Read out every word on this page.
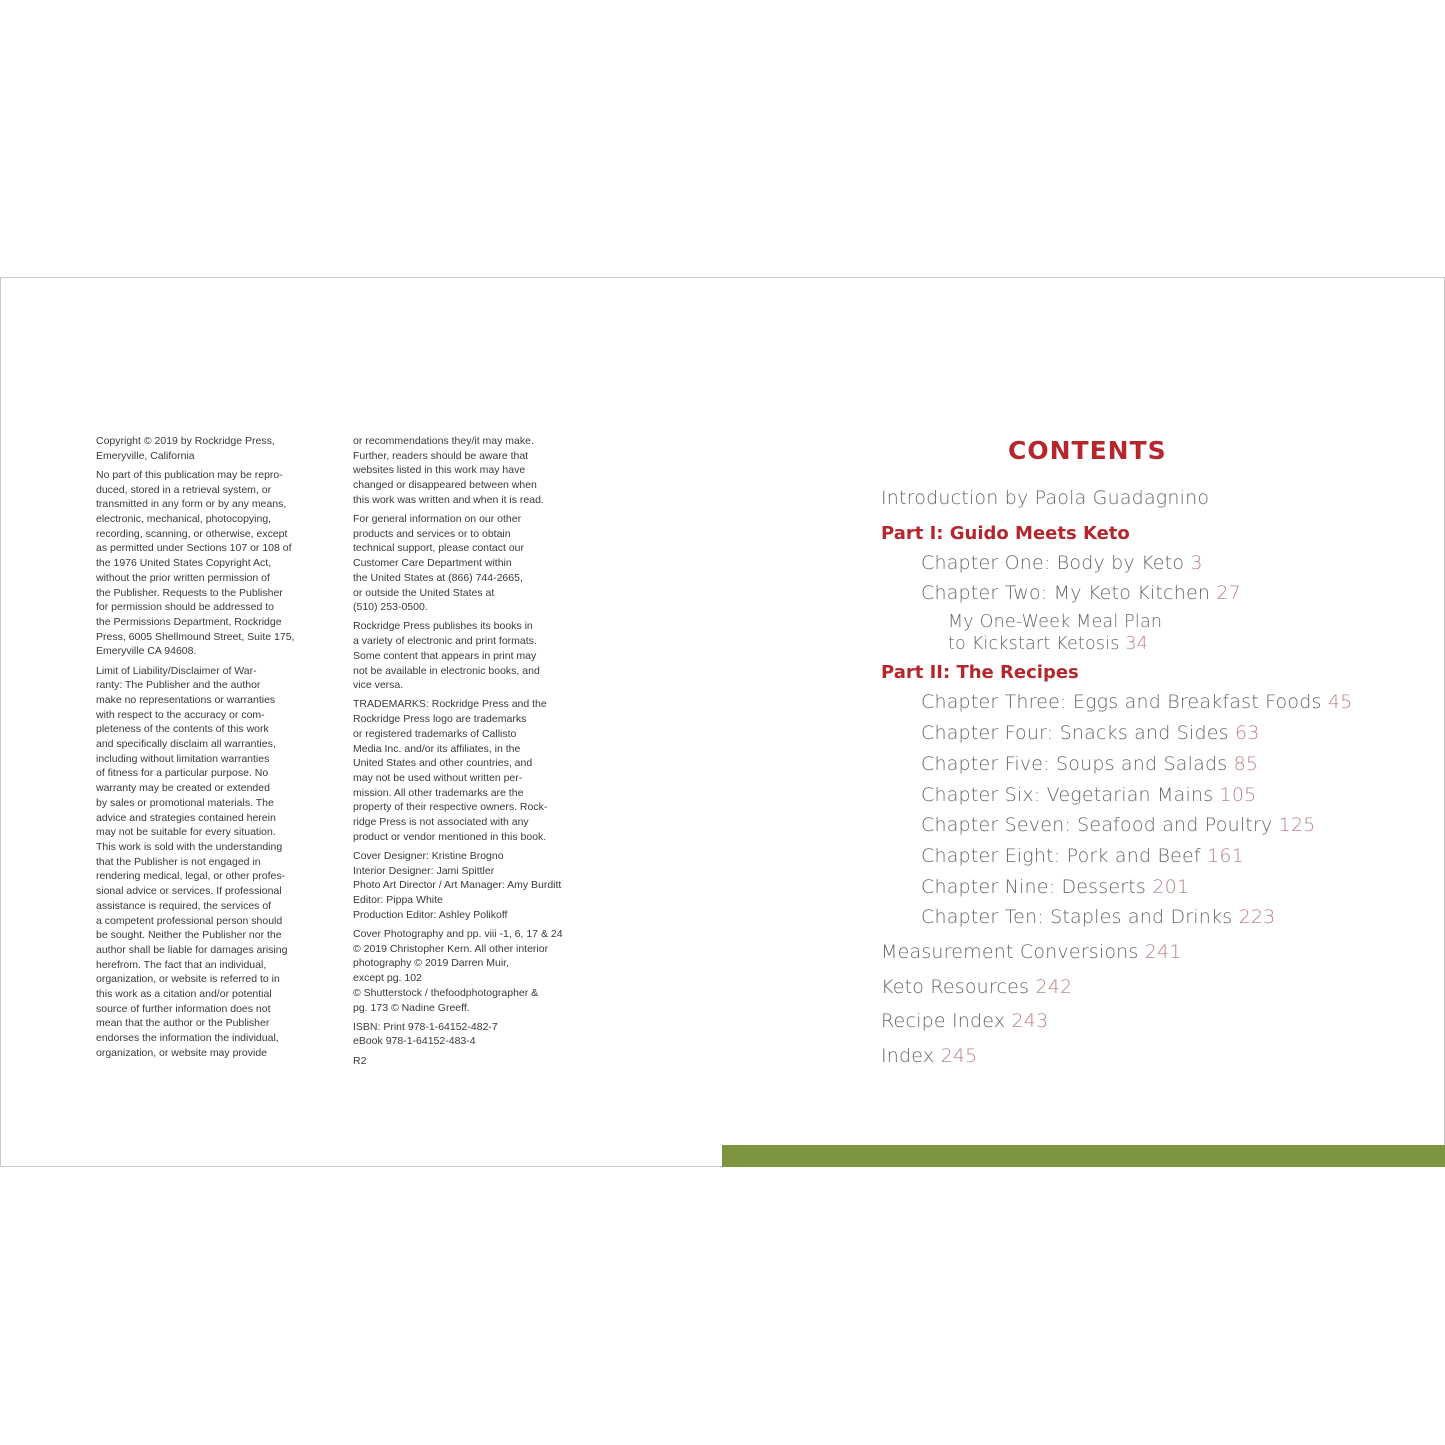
Copyright © 2019 by Rockridge Press,
Emeryville, California

No part of this publication may be repro-
duced, stored in a retrieval system, or
transmitted in any form or by any means,
electronic, mechanical, photocopying,
recording, scanning, or otherwise, except
as permitted under Sections 107 or 108 of
the 1976 United States Copyright Act,
without the prior written permission of
the Publisher. Requests to the Publisher
for permission should be addressed to
the Permissions Department, Rockridge
Press, 6005 Shellmound Street, Suite 175,
Emeryville CA 94608.

Limit of Liability/Disclaimer of War-
ranty: The Publisher and the author
make no representations or warranties
with respect to the accuracy or com-
pleteness of the contents of this work
and specifically disclaim all warranties,
including without limitation warranties
of fitness for a particular purpose. No
warranty may be created or extended
by sales or promotional materials. The
advice and strategies contained herein
may not be suitable for every situation.
This work is sold with the understanding
that the Publisher is not engaged in
rendering medical, legal, or other profes-
sional advice or services. If professional
assistance is required, the services of
a competent professional person should
be sought. Neither the Publisher nor the
author shall be liable for damages arising
herefrom. The fact that an individual,
organization, or website is referred to in
this work as a citation and/or potential
source of further information does not
mean that the author or the Publisher
endorses the information the individual,
organization, or website may provide

or recommendations they/it may make.
Further, readers should be aware that
websites listed in this work may have
changed or disappeared between when
this work was written and when it is read.

For general information on our other
products and services or to obtain
technical support, please contact our
Customer Care Department within
the United States at (866) 744-2665,
or outside the United States at
(510) 253-0500.

Rockridge Press publishes its books in
a variety of electronic and print formats.
Some content that appears in print may
not be available in electronic books, and
vice versa.

TRADEMARKS: Rockridge Press and the
Rockridge Press logo are trademarks
or registered trademarks of Callisto
Media Inc. and/or its affiliates, in the
United States and other countries, and
may not be used without written per-
mission. All other trademarks are the
property of their respective owners. Rock-
ridge Press is not associated with any
product or vendor mentioned in this book.

Cover Designer: Kristine Brogno
Interior Designer: Jami Spittler
Photo Art Director / Art Manager: Amy Burditt
Editor: Pippa White
Production Editor: Ashley Polikoff

Cover Photography and pp. viii -1, 6, 17 & 24
© 2019 Christopher Kern. All other interior
photography © 2019 Darren Muir,
except pg. 102
© Shutterstock / thefoodphotographer &
pg. 173 © Nadine Greeff.

ISBN: Print 978-1-64152-482-7
eBook 978-1-64152-483-4

R2

CONTENTS
Introduction by Paola Guadagnino
Part I: Guido Meets Keto
Chapter One: Body by Keto 3
Chapter Two: My Keto Kitchen 27
My One-Week Meal Plan
to Kickstart Ketosis 34
Part II: The Recipes
Chapter Three: Eggs and Breakfast Foods 45
Chapter Four: Snacks and Sides 63
Chapter Five: Soups and Salads 85
Chapter Six: Vegetarian Mains 105
Chapter Seven: Seafood and Poultry 125
Chapter Eight: Pork and Beef 161
Chapter Nine: Desserts 201
Chapter Ten: Staples and Drinks 223
Measurement Conversions 241
Keto Resources 242
Recipe Index 243
Index 245
